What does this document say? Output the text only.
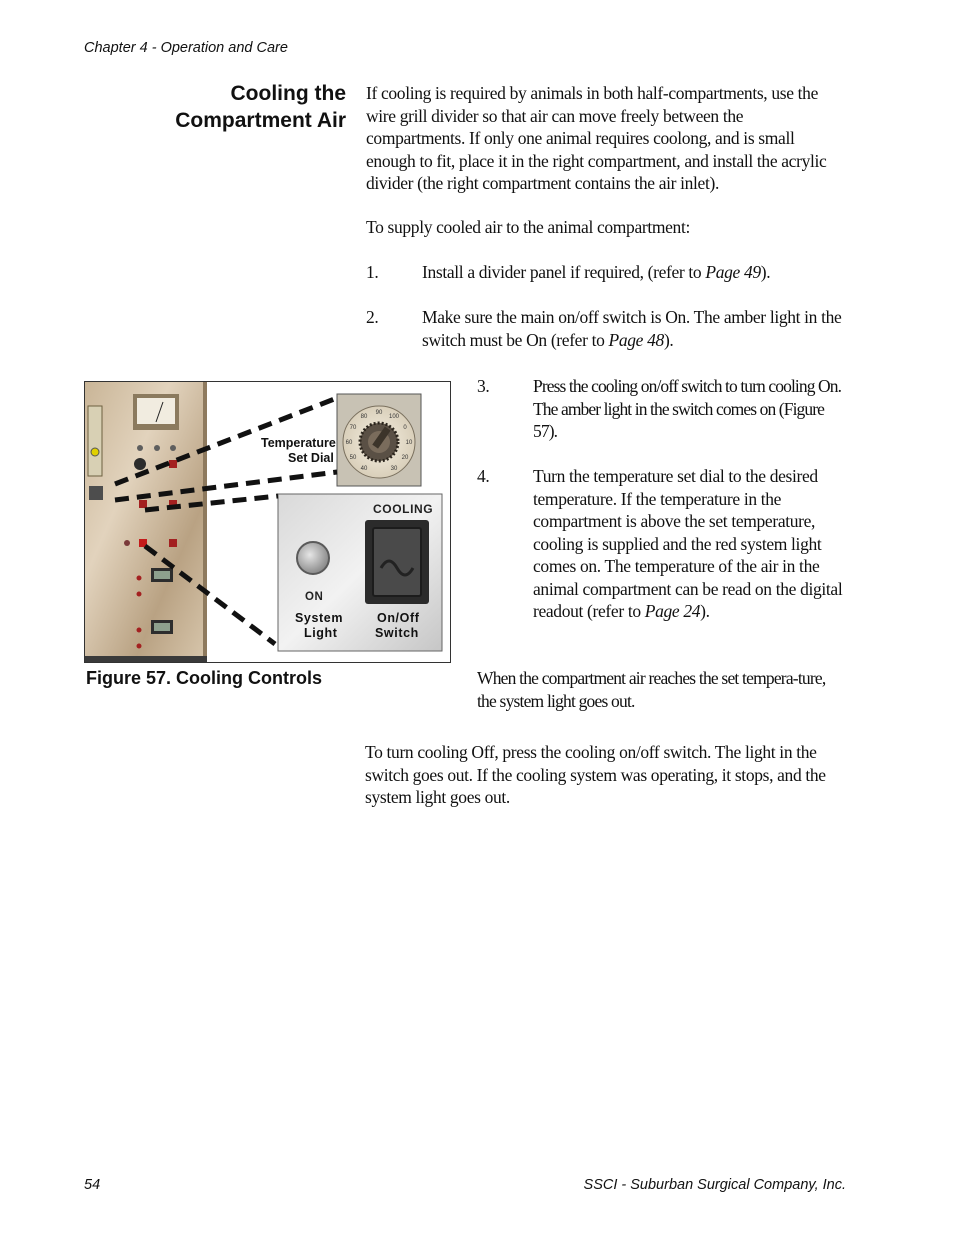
Chapter 4 - Operation and Care
Cooling the
Compartment Air
If cooling is required by animals in both half-compartments, use the wire grill divider so that air can move freely between the compartments. If only one animal requires coolong, and is small enough to fit, place it in the right compartment, and install the acrylic divider (the right compartment contains the air inlet).
To supply cooled air to the animal compartment:
1. Install a divider panel if required, (refer to Page 49).
2. Make sure the main on/off switch is On. The amber light in the switch must be On (refer to Page 48).
3. Press the cooling on/off switch to turn cooling On. The amber light in the switch comes on (Figure 57).
4. Turn the temperature set dial to the desired temperature. If the temperature in the compartment is above the set temperature, cooling is supplied and the red system light comes on. The temperature of the air in the animal compartment can be read on the digital readout (refer to Page 24).
When the compartment air reaches the set tempera-ture, the system light goes out.
To turn cooling Off, press the cooling on/off switch. The light in the switch goes out. If the cooling system was operating, it stops, and the system light goes out.
40
50
60
70
80
90
100
0
10
20
30
ON
COOLING
System
Light
On/Off
Switch
Temperature
Set Dial
Figure 57. Cooling Controls
54	SSCI - Suburban Surgical Company, Inc.
